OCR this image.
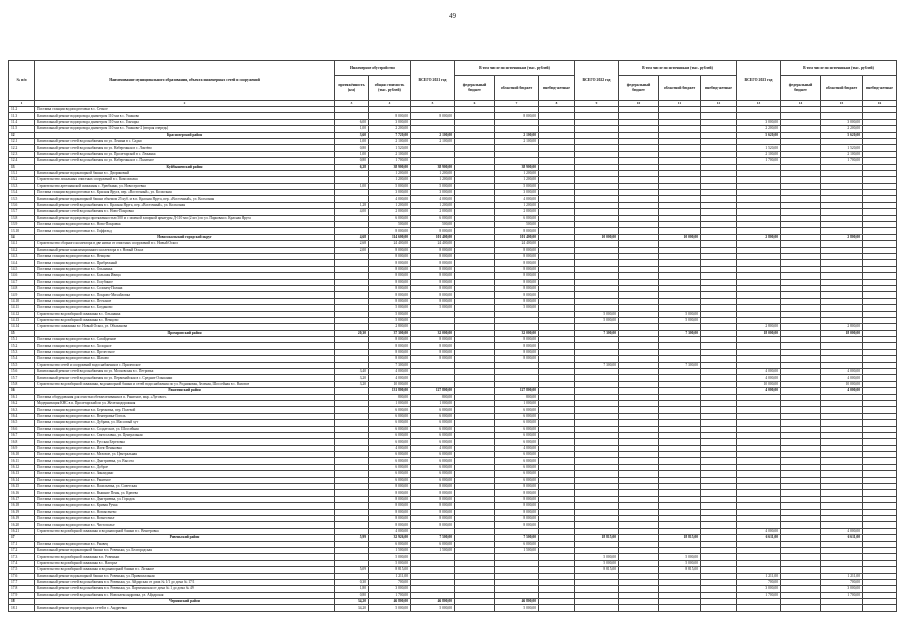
49
-
№ п/п	Наименование муниципального образования, объекта инженерных сетей и сооружений	Инженерное обустройство		ВСЕГО 2021 год	В том числе по источникам (тыс. рублей)			ВСЕГО 2022 год	В том числе по источникам (тыс. рублей)			ВСЕГО 2023 год	В том числе по источникам (тыс. рублей)		
		протяжённость (км)	общая стоимость (тыс. рублей)		федеральный бюджет	областной бюджет	внебюд-жетные		федеральный бюджет	областной бюджет	внебюд-жетные		федеральный бюджет	областной бюджет	внебюд-жетные
1	2	3	4	5	6	7	8	9	10	11	12	13	14	15	16
11.2	Поставка станции водоподготовки в с. Сетное														
11.3	Капитальный ремонт водопровода диаметром 110 мм в с. Ушаково		8 000,00	8 000,00		8 000,00									
11.4	Капитальный ремонт водопровода диаметром 110 мм в с. Гончары	6,00	3 000,00									3 000,00		3 000,00	
11.5	Капитальный ремонт водопровода диаметром 110 мм в с. Ушаково-2 (вторая очередь)	1,00	2 200,00									2 200,00		2 200,00	
12	Краснозерский район	3,60	7 720,00	2 100,00		2 100,00						5 620,00		5 620,00	
12.1	Капитальный ремонт сетей водоснабжения по ул. Ленина в с. Садки	1,00	2 100,00	2 100,00		2 100,00									
12.2	Капитальный ремонт сетей водоснабжения по ул. Набережная в с. Локтёво	0,80	1 520,00									1 520,00		1 520,00	
12.3	Капитальный ремонт сетей водоснабжения по ул. Пролетарской в с. Лежанка	1,00	2 100,00									2 100,00		2 100,00	
12.4	Капитальный ремонт сетей водоснабжения по ул. Набережная в с. Палатное	0,80	1 700,00									1 700,00		1 700,00	
13	Куйбышевский район	6,28	38 900,00	38 900,00		38 900,00									
13.1	Капитальный ремонт водонапорной башни в с. Двориковый		1 200,00	1 200,00		1 200,00									
13.2	Строительство локальных очистных сооружений в с. Комсомолка		1 200,00	1 200,00		1 200,00									
13.3	Строительство артезианской скважины с. Урюбкино, ул. Новостроевка	1,00	5 000,00	5 000,00		5 000,00									
13.4	Поставка станции водоподготовки в с. Красная Яруга, пер. «Восточный», ул. Колхозная		3 000,00	3 000,00		3 000,00									
13.5	Капитальный ремонт водонапорной башни объемом 25 куб. м в п. Красная Яруга, пер. «Восточный», ул. Колхозная		4 000,00	4 000,00		4 000,00									
13.6	Капитальный ремонт сетей водоснабжения в с. Красная Яруга, пер. «Восточный», ул. Колхозная	1,28	1 200,00	1 200,00		1 200,00									
13.7	Капитальный ремонт сетей водоснабжения в с. Ново-Покровка	4,00	2 000,00	2 000,00		2 000,00									
13.8	Капитальный ремонт водопровода протяженностью 500 м с заменой запорной арматуры Д-110 мм (2 шт.) по ул. Парковая п. Красная Яруга		6 000,00	6 000,00		6 000,00									
13.9	Поставка станции водоподготовки в с. Ново-Покровка		500,00	500,00		500,00									
13.10	Поставка станции водоподготовки в с. Гоффельд		8 000,00	8 000,00		8 000,00									
14	Новосокольский городской округ	4,68	114 600,00	101 400,00		101 400,00		10 000,00		10 000,00		2 800,00		2 800,00	
14.1	Строительство сборного коллектора в две нитки от очистных сооружений в с. Новый Оскол	2,68	24 400,00	24 400,00		24 400,00									
14.2	Капитальный ремонт канализационного коллектора в г. Новый Оскол	2,00	8 000,00	8 000,00		8 000,00									
14.3	Поставка станции водоподготовки в с. Немцово		8 000,00	8 000,00		8 000,00									
14.4	Поставка станции водоподготовки в с. Прибрежный		8 000,00	8 000,00		8 000,00									
14.5	Поставка станции водоподготовки в с. Ольшанка		8 000,00	8 000,00		8 000,00									
14.6	Поставка станции водоподготовки в с. Большая Ивица		8 000,00	8 000,00		8 000,00									
14.7	Поставка станции водоподготовки в с. Голубиное		8 000,00	8 000,00		8 000,00									
14.8	Поставка станции водоподготовки в с. Солонец-Поляна		8 000,00	8 000,00		8 000,00									
14.9	Поставка станции водоподготовки в с. Покрово-Михайловка		8 000,00	8 000,00		8 000,00									
14.10	Поставка станции водоподготовки в с. Песчаное		8 000,00	8 000,00		8 000,00									
14.11	Поставка станции водоподготовки в с. Богданово		5 000,00	5 000,00		5 000,00									
14.12	Строительство водозаборной скважины в с. Ольшанка		5 000,00					5 000,00		5 000,00					
14.13	Строительство водозаборной скважины в с. Немцово		5 000,00					5 000,00		5 000,00					
14.14	Строительство скважины в г. Новый Оскол, ул. Обыханова		2 800,00									2 800,00		2 800,00	
15	Прохоровский район	20,30	37 300,00	32 000,00		32 000,00		7 300,00		7 300,00		18 000,00		18 000,00	
15.1	Поставка станции водоподготовки в с. Сагайдачное		8 000,00	8 000,00		8 000,00									
15.2	Поставка станции водоподготовки в с. Холодное		8 000,00	8 000,00		8 000,00									
15.3	Поставка станции водоподготовки в с. Прелестное		8 000,00	8 000,00		8 000,00									
15.4	Поставка станции водоподготовки в с. Шахово		8 000,00	8 000,00		8 000,00									
15.5	Строительство сетей и сооружений водоснабжения в с. Прилепское		7 300,00					7 300,00		7 300,00					
15.6	Капитальный ремонт сетей водоснабжения по ул. Московская в с. Петровка	3,40	4 000,00									4 000,00		4 000,00	
15.7	Капитальный ремонт сетей водоснабжения по ул. Первомайская в с. Средние Ольшанки	3,20	4 000,00									4 000,00		4 000,00	
15.8	Строительство водозаборной скважины, водонапорной башни и сетей водоснабжения по ул. Родниковая, Зеленая, Шоссейная в с. Вязовое	3,20	10 000,00									10 000,00		10 000,00	
16	Ракитянский район		131 800,00	127 800,00		127 800,00						4 000,00		4 000,00	
16.1	Поставка оборудования для очистки обезжелезивания в п. Ракитное, мкр. «Луговое»		800,00	800,00		800,00									
16.2	Модернизация КНС в п. Пролетарский по ул. Железнодорожная		1 000,00	1 000,00		1 000,00									
16.3	Поставка станции водоподготовки в п. Бережовка, пер. Полевой		6 000,00	6 000,00		6 000,00									
16.4	Поставка станции водоподготовки в с. Венгеровка-Гоголь		6 000,00	6 000,00		6 000,00									
16.5	Поставка станции водоподготовки в с. Дубрава, ул. Массовый хут		6 000,00	6 000,00		6 000,00									
16.6	Поставка станции водоподготовки в с. Солдатское, ул. Шоссейная		6 000,00	6 000,00		6 000,00									
16.7	Поставка станции водоподготовки в с. Святославка, ул. Центральная		6 000,00	6 000,00		6 000,00									
16.8	Поставка станции водоподготовки в с. Русская Березовка		6 000,00	6 000,00		6 000,00									
16.9	Поставка станции водоподготовки в с. Илек-Пеньковка		4 000,00	4 000,00		4 000,00									
16.10	Поставка станции водоподготовки в с. Меловое, ул. Центральная		6 000,00	6 000,00		6 000,00									
16.11	Поставка станции водоподготовки в с. Дмитриевка, ул. Высота		6 000,00	6 000,00		6 000,00									
16.12	Поставка станции водоподготовки в с. Доброе		6 000,00	6 000,00		6 000,00									
16.13	Поставка станции водоподготовки в с. Зинаидино		6 000,00	6 000,00		6 000,00									
16.14	Поставка станции водоподготовки в с. Ракитное		6 000,00	6 000,00		6 000,00									
16.15	Поставка станции водоподготовки в с. Васильевка, ул. Советская		8 000,00	8 000,00		8 000,00									
16.16	Поставка станции водоподготовки в с. Вышние Пены, ул. Крюева		8 000,00	8 000,00		8 000,00									
16.17	Поставка станции водоподготовки в с. Дмитриевка, ул. Городок		8 000,00	8 000,00		8 000,00									
16.18	Поставка станции водоподготовки в с. Кривая Ручка		8 000,00	8 000,00		8 000,00									
16.19	Поставка станции водоподготовки в с. Новоясенево		8 000,00	8 000,00		8 000,00									
16.19	Поставка станции водоподготовки в с. Вознесенье		8 000,00	8 000,00		8 000,00									
16.20	Поставка станции водоподготовки в с. Чистополье		8 000,00	8 000,00		8 000,00									
16.21	Строительство водозаборной скважины и водонапорной башни в с. Венгеровка		4 000,00									4 000,00		4 000,00	
17	Ровеньский район	5,99	32 926,00	7 500,00		7 500,00		18 815,00		18 815,00		6 611,00		6 611,00	
17.1	Поставка станции водоподготовки в с. Ржавец		6 000,00	6 000,00		6 000,00									
17.2	Капитальный ремонт водонапорной башни в п. Ровеньки, ул. Белгородская		1 500,00	1 500,00		1 500,00									
17.3	Строительство водозаборной скважины в п. Ровеньки		5 000,00					5 000,00		5 000,00					
17.4	Строительство водозаборной скважины в с. Нагорье		5 000,00					5 000,00		5 000,00					
17.5	Строительство водозаборной скважины и водонапорной башни в с. Лознное	5,09	8 815,00					8 815,00		8 815,00					
17.6	Капитальный ремонт водонапорной башни в п. Ровеньки, ул. Привокзальная		1 211,00									1 211,00		1 211,00	
17.7	Капитальный ремонт сетей водоснабжения в п. Ровеньки, ул. Айдарская от дома № 1/1 до дома № 17/1	0,30	700,00									700,00		700,00	
17.8	Капитальный ремонт сетей водоснабжения в п. Ровеньки, ул. Партизанская от дома № 1 до дома № 49	1,80	3 000,00									3 000,00		3 000,00	
17.9	Капитальный ремонт сетей водоснабжения в с. Новоалександровка, ул. Айдарская	0,80	1 700,00									1 700,00		1 700,00	
18	Чернянский район	34,20	46 800,00	46 800,00		46 800,00									
18.1	Капитальный ремонт водопроводных сетей в с. Андреевка	34,20	5 000,00	5 000,00		5 000,00									
